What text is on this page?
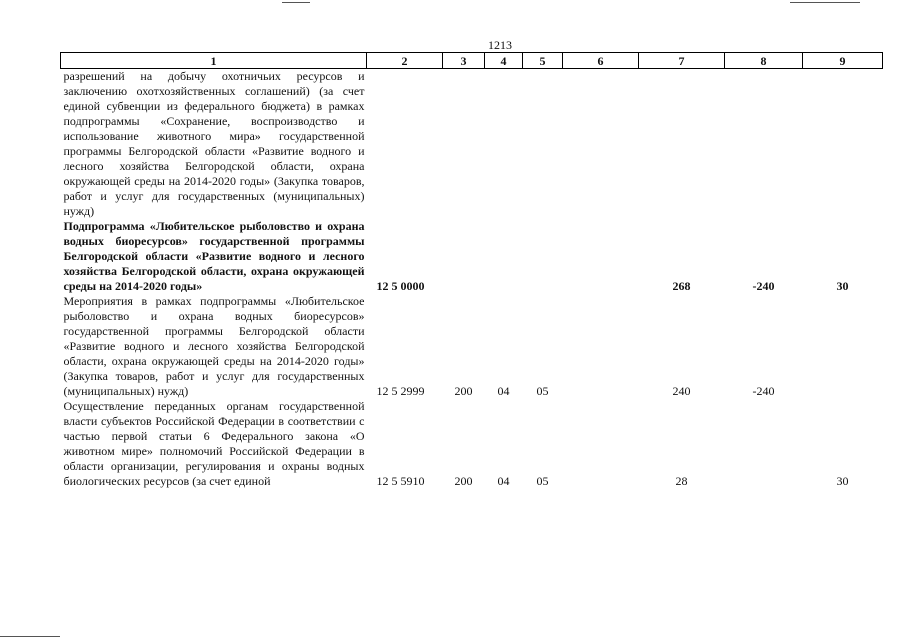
1213
1	2	3	4	5	6	7	8	9
разрешений на добычу охотничьих ресурсов и заключению охотхозяйственных соглашений) (за счет единой субвенции из федерального бюджета) в рамках подпрограммы «Сохранение, воспроизводство и использование животного мира» государственной программы Белгородской области «Развитие водного и лесного хозяйства Белгородской области, охрана окружающей среды на 2014-2020 годы» (Закупка товаров, работ и услуг для государственных (муниципальных) нужд)								
Подпрограмма «Любительское рыболовство и охрана водных биоресурсов» государственной программы Белгородской области «Развитие водного и лесного хозяйства Белгородской области, охрана окружающей среды на 2014-2020 годы»	12 5 0000					268	-240	30
Мероприятия в рамках подпрограммы «Любительское рыболовство и охрана водных биоресурсов» государственной программы Белгородской области «Развитие водного и лесного хозяйства Белгородской области, охрана окружающей среды на 2014-2020 годы» (Закупка товаров, работ и услуг для государственных (муниципальных) нужд)	12 5 2999	200	04	05		240	-240	
Осуществление переданных органам государственной власти субъектов Российской Федерации в соответствии с частью первой статьи 6 Федерального закона «О животном мире» полномочий Российской Федерации в области организации, регулирования и охраны водных биологических ресурсов (за счет единой	12 5 5910	200	04	05		28		30
